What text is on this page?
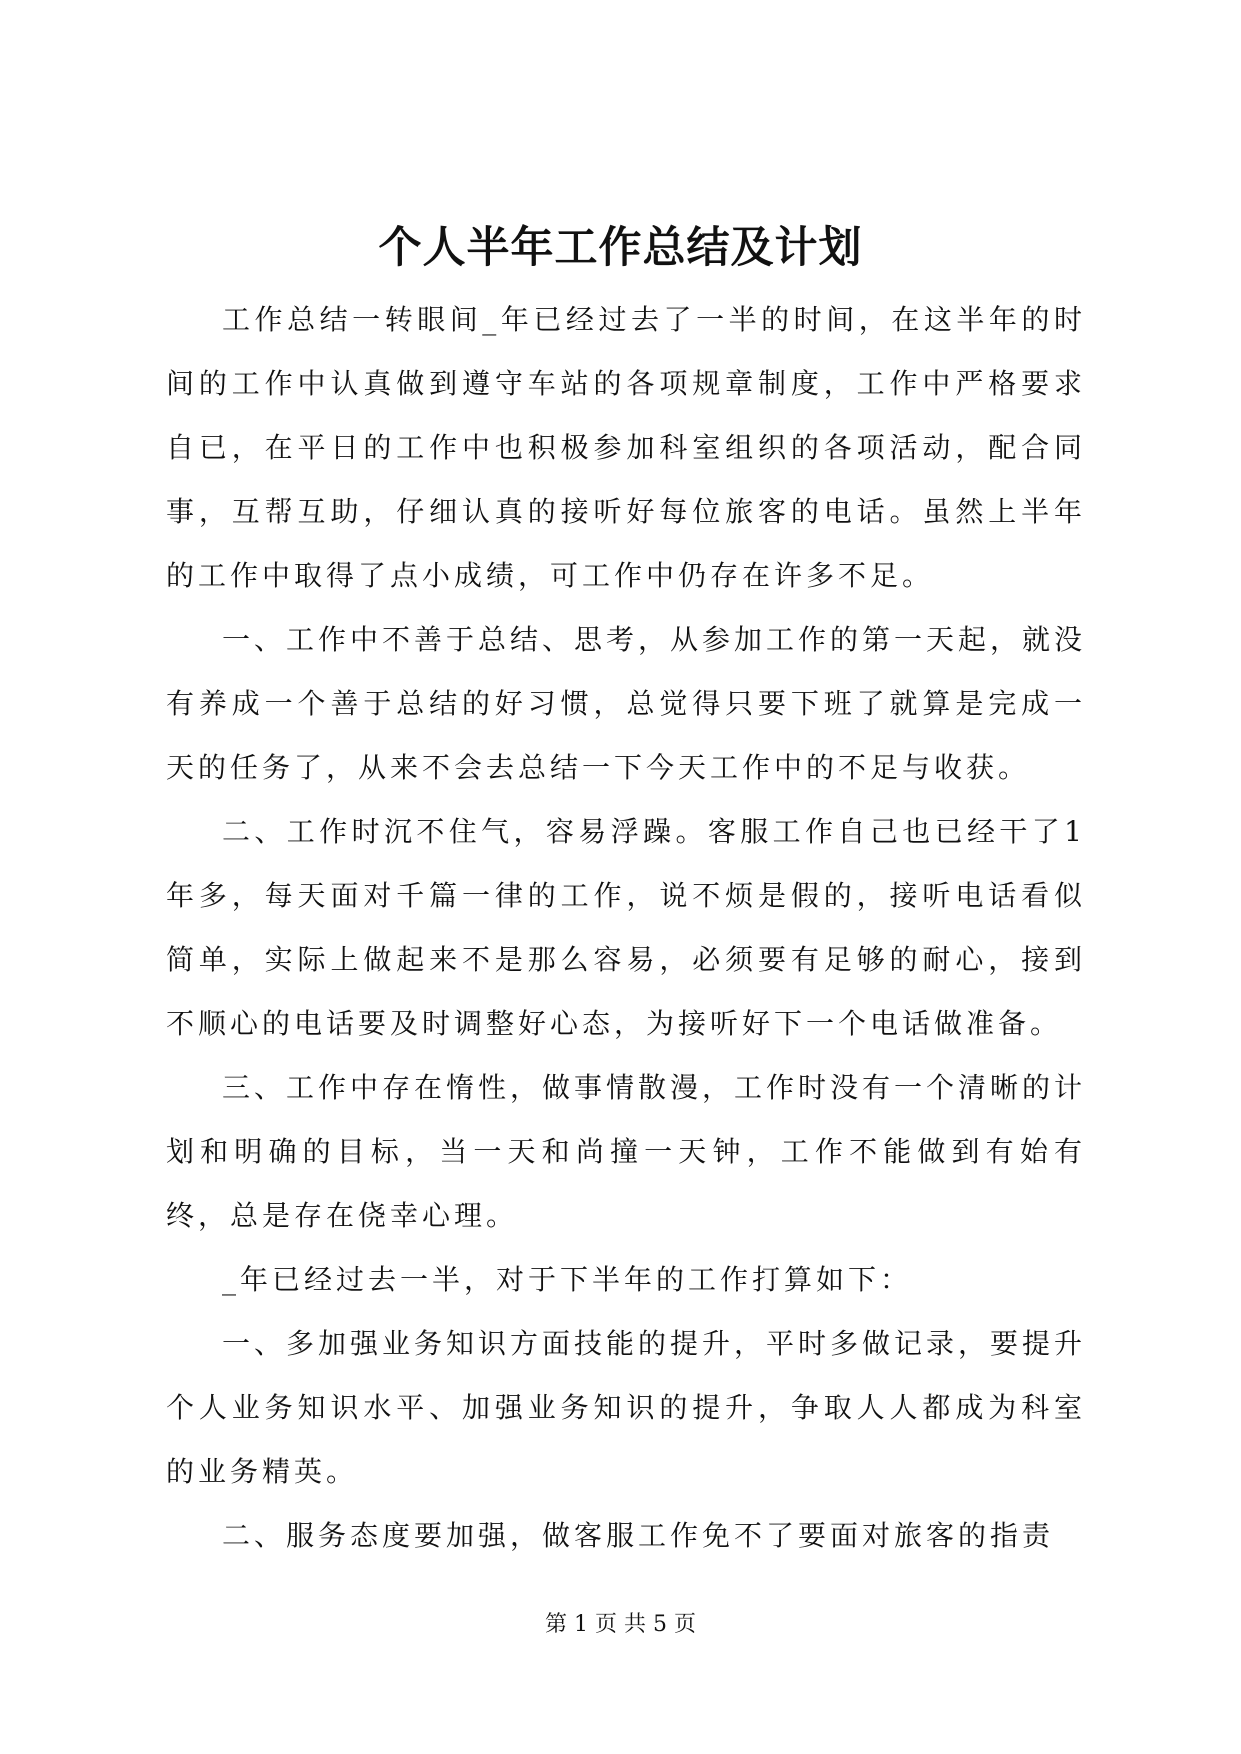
个人半年工作总结及计划

工作总结一转眼间_年已经过去了一半的时间，在这半年的时间的工作中认真做到遵守车站的各项规章制度，工作中严格要求自已，在平日的工作中也积极参加科室组织的各项活动，配合同事，互帮互助，仔细认真的接听好每位旅客的电话。虽然上半年的工作中取得了点小成绩，可工作中仍存在许多不足。

一、工作中不善于总结、思考，从参加工作的第一天起，就没有养成一个善于总结的好习惯，总觉得只要下班了就算是完成一天的任务了，从来不会去总结一下今天工作中的不足与收获。

二、工作时沉不住气，容易浮躁。客服工作自己也已经干了1年多，每天面对千篇一律的工作，说不烦是假的，接听电话看似简单，实际上做起来不是那么容易，必须要有足够的耐心，接到不顺心的电话要及时调整好心态，为接听好下一个电话做准备。

三、工作中存在惰性，做事情散漫，工作时没有一个清晰的计划和明确的目标，当一天和尚撞一天钟，工作不能做到有始有终，总是存在侥幸心理。

_年已经过去一半，对于下半年的工作打算如下：

一、多加强业务知识方面技能的提升，平时多做记录，要提升个人业务知识水平、加强业务知识的提升，争取人人都成为科室的业务精英。

二、服务态度要加强，做客服工作免不了要面对旅客的指责

第 1 页 共 5 页
